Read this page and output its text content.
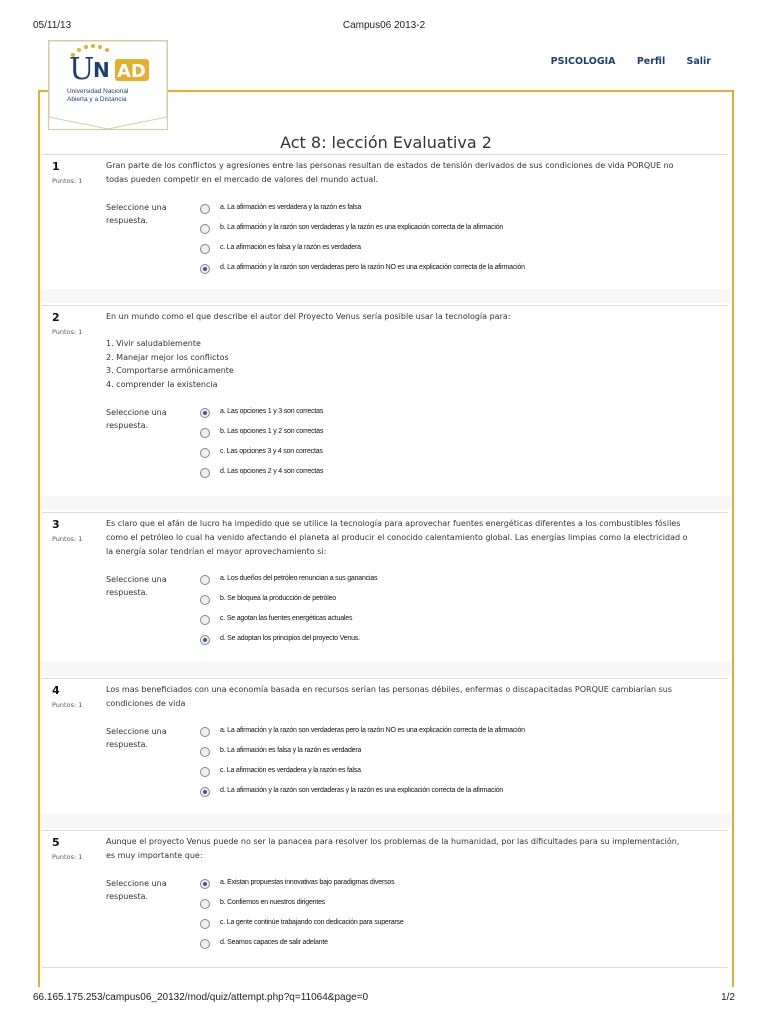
05/11/13	Campus06 2013-2
U
N AD
Universidad Nacional
Abierta y a Distancia
PSICOLOGIA Perfil Salir
Act 8: lección Evaluativa 2
1
Puntos: 1
Gran parte de los conflictos y agresiones entre las personas resultan de estados de tensión derivados de sus condiciones de vida PORQUE no todas pueden competir en el mercado de valores del mundo actual.
Seleccione una respuesta.
a. La afirmación es verdadera y la razón es falsa
b. La afirmación y la razón son verdaderas y la razón es una explicación correcta de la afirmación
c. La afirmación es falsa y la razón es verdadera
d. La afirmación y la razón son verdaderas pero la razón NO es una explicación correcta de la afirmación
2
Puntos: 1
En un mundo como el que describe el autor del Proyecto Venus sería posible usar la tecnología para:
1. Vivir saludablemente
2. Manejar mejor los conflictos
3. Comportarse armónicamente
4. comprender la existencia
Seleccione una respuesta.
a. Las opciones 1 y 3 son correctas
b. Las opciones 1 y 2 son correctas
c. Las opciones 3 y 4 son correctas
d. Las opciones 2 y 4 son correctas
3
Puntos: 1
Es claro que el afán de lucro ha impedido que se utilice la tecnología para aprovechar fuentes energéticas diferentes a los combustibles fósiles como el petróleo lo cual ha venido afectando el planeta al producir el conocido calentamiento global. Las energías limpias como la electricidad o la energía solar tendrían el mayor aprovechamiento si:
Seleccione una respuesta.
a. Los dueños del petróleo renuncian a sus ganancias
b. Se bloquea la producción de petróleo
c. Se agotan las fuentes energéticas actuales
d. Se adoptan los principios del proyecto Venus.
4
Puntos: 1
Los mas beneficiados con una economía basada en recursos serían las personas débiles, enfermas o discapacitadas PORQUE cambiarían sus condiciones de vida
Seleccione una respuesta.
a. La afirmación y la razón son verdaderas pero la razón NO es una explicación correcta de la afirmación
b. La afirmación es falsa y la razón es verdadera
c. La afirmación es verdadera y la razón es falsa
d. La afirmación y la razón son verdaderas y la razón es una explicación correcta de la afirmación
5
Puntos: 1
Aunque el proyecto Venus puede no ser la panacea para resolver los problemas de la humanidad, por las dificultades para su implementación, es muy importante que:
Seleccione una respuesta.
a. Existan propuestas innovativas bajo paradigmas diversos
b. Confiemos en nuestros dirigentes
c. La gente continúe trabajando con dedicación para superarse
d. Seamos capaces de salir adelante
66.165.175.253/campus06_20132/mod/quiz/attempt.php?q=11064&page=0	1/2
